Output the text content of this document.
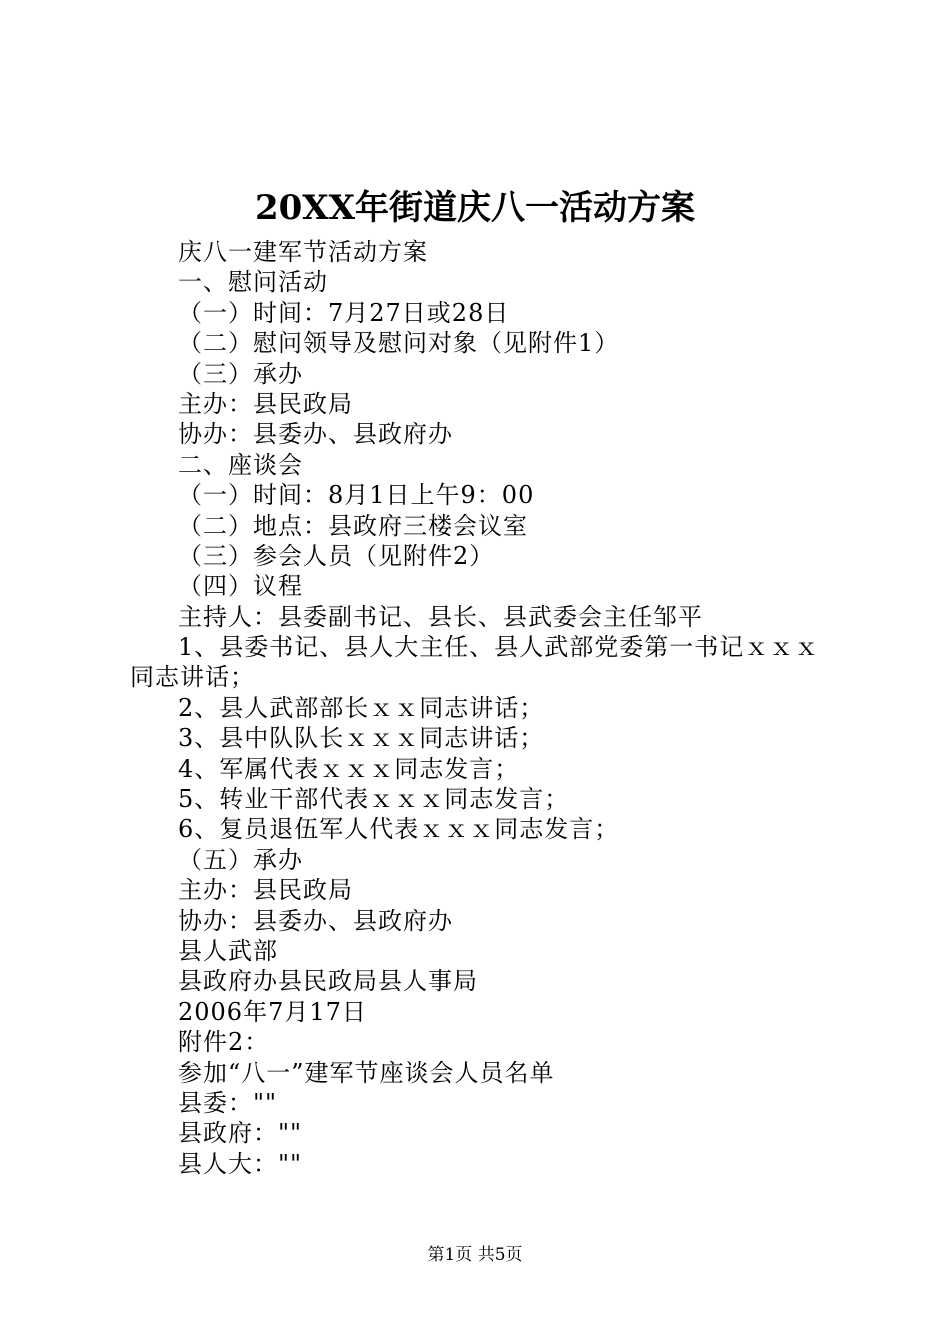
20XX年街道庆八一活动方案
庆八一建军节活动方案
一、慰问活动
（一）时间：7月27日或28日
（二）慰问领导及慰问对象（见附件1）
（三）承办
主办：县民政局
协办：县委办、县政府办
二、座谈会
（一）时间：8月1日上午9：00
（二）地点：县政府三楼会议室
（三）参会人员（见附件2）
（四）议程
主持人：县委副书记、县长、县武委会主任邹平
1、县委书记、县人大主任、县人武部党委第一书记ｘｘｘ
同志讲话；
2、县人武部部长ｘｘ同志讲话；
3、县中队队长ｘｘｘ同志讲话；
4、军属代表ｘｘｘ同志发言；
5、转业干部代表ｘｘｘ同志发言；
6、复员退伍军人代表ｘｘｘ同志发言；
（五）承办
主办：县民政局
协办：县委办、县政府办
县人武部
县政府办县民政局县人事局
2006年7月17日
附件2：
参加“八一”建军节座谈会人员名单
县委：""
县政府：""
县人大：""
第1页 共5页
